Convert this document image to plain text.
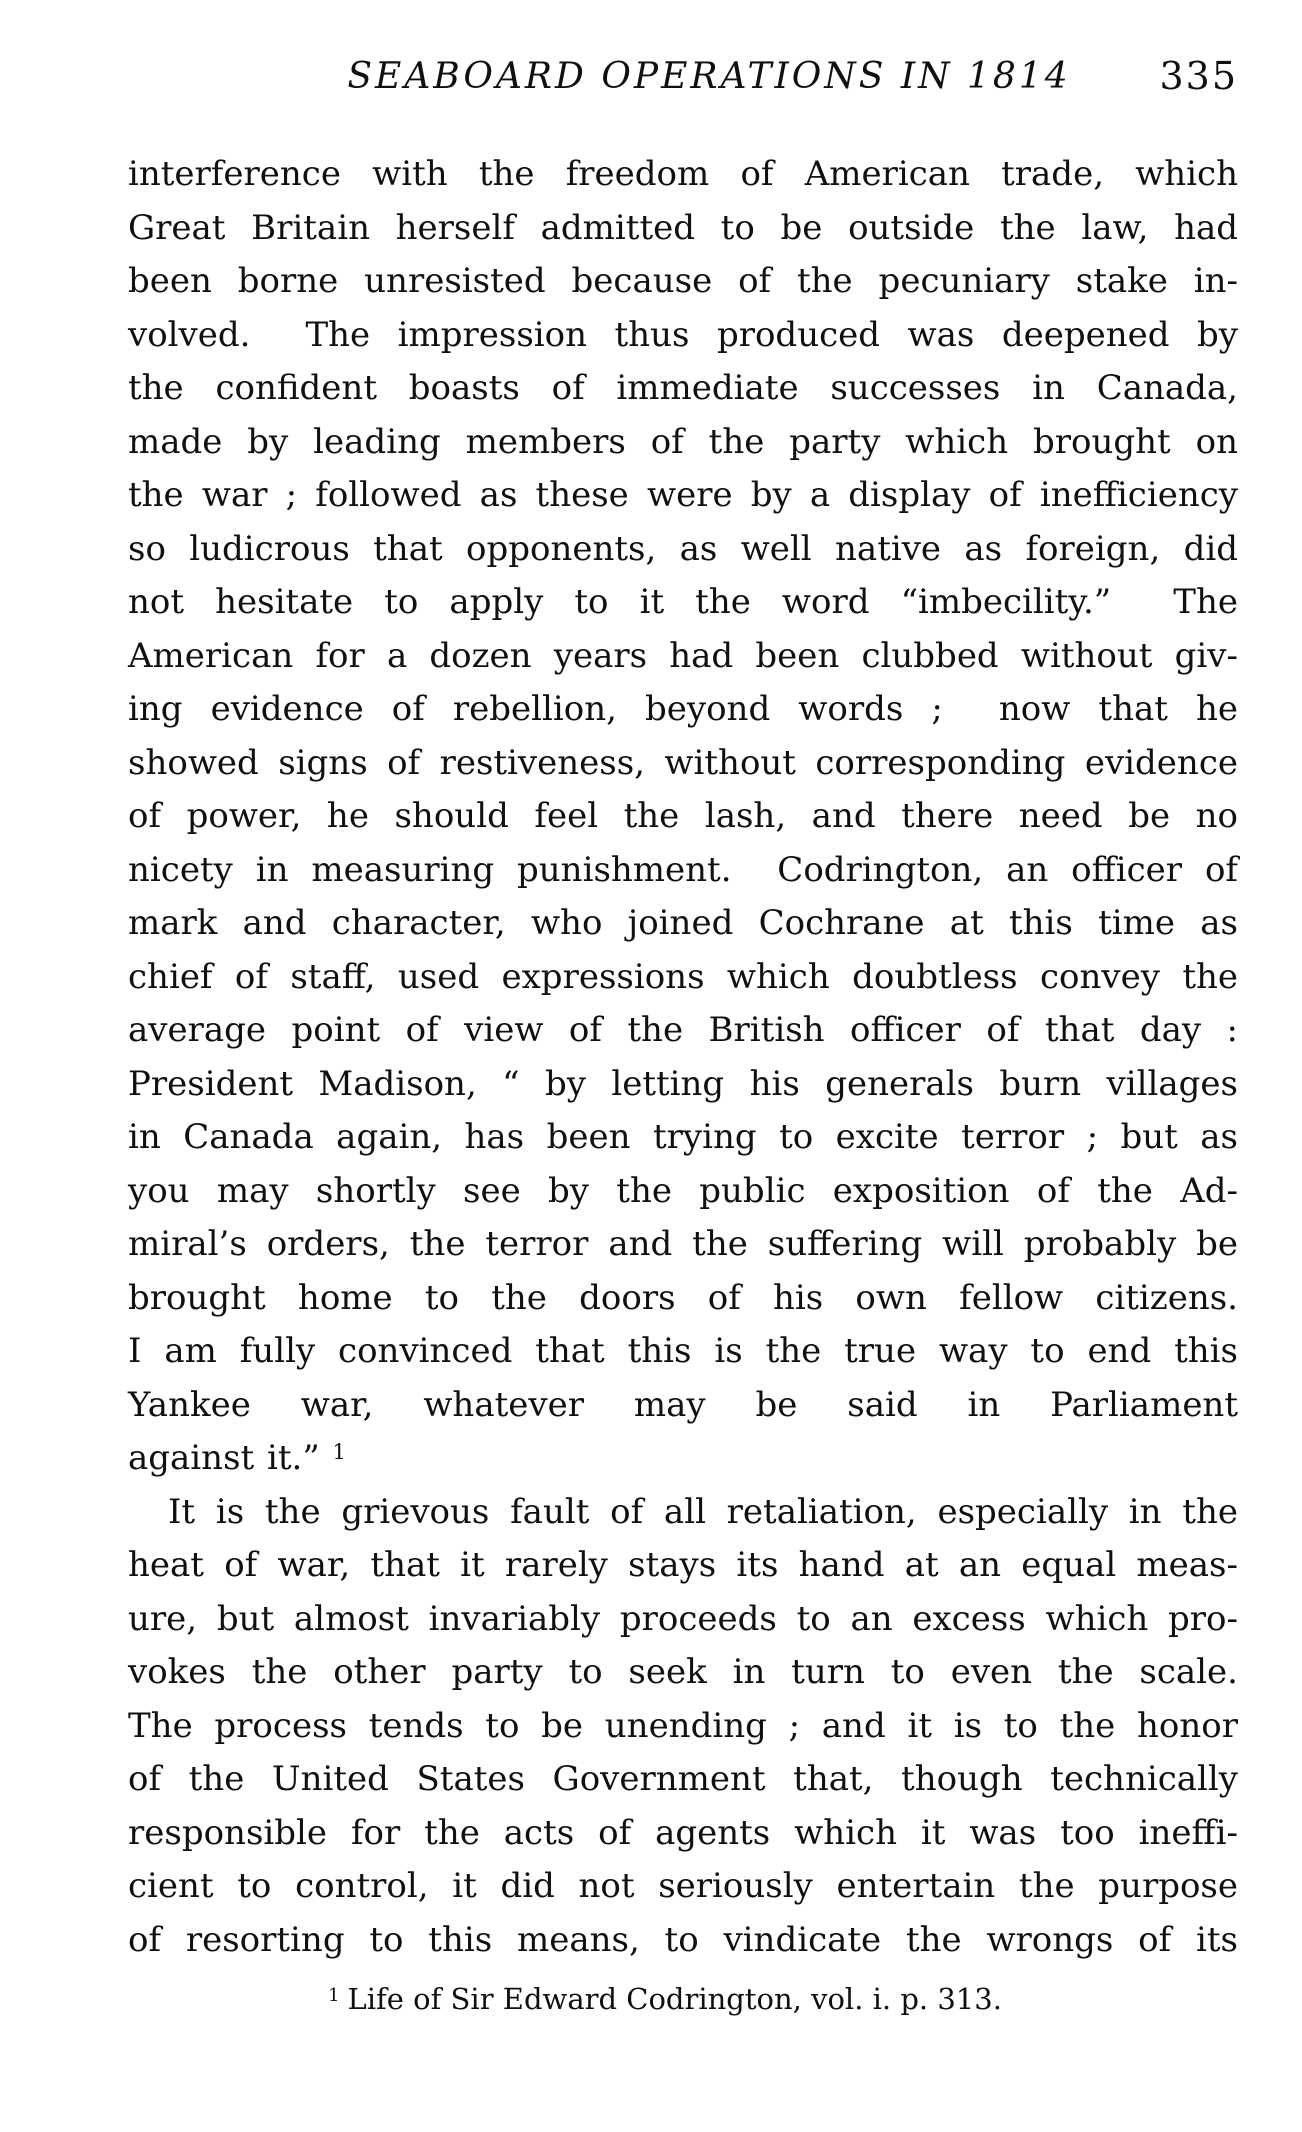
SEABOARD OPERATIONS IN 1814 335
interference with the freedom of American trade, which
Great Britain herself admitted to be outside the law, had
been borne unresisted because of the pecuniary stake in-
volved.  The impression thus produced was deepened by
the confident boasts of immediate successes in Canada,
made by leading members of the party which brought on
the war ; followed as these were by a display of inefficiency
so ludicrous that opponents, as well native as foreign, did
not hesitate to apply to it the word “imbecility.”  The
American for a dozen years had been clubbed without giv-
ing evidence of rebellion, beyond words ;  now that he
showed signs of restiveness, without corresponding evidence
of power, he should feel the lash, and there need be no
nicety in measuring punishment.  Codrington, an officer of
mark and character, who joined Cochrane at this time as
chief of staff, used expressions which doubtless convey the
average point of view of the British officer of that day :
President Madison, “ by letting his generals burn villages
in Canada again, has been trying to excite terror ; but as
you may shortly see by the public exposition of the Ad-
miral’s orders, the terror and the suffering will probably be
brought home to the doors of his own fellow citizens.
I am fully convinced that this is the true way to end this
Yankee war, whatever may be said in Parliament
against it.” $^1$
It is the grievous fault of all retaliation, especially in the
heat of war, that it rarely stays its hand at an equal meas-
ure, but almost invariably proceeds to an excess which pro-
vokes the other party to seek in turn to even the scale.
The process tends to be unending ; and it is to the honor
of the United States Government that, though technically
responsible for the acts of agents which it was too ineffi-
cient to control, it did not seriously entertain the purpose
of resorting to this means, to vindicate the wrongs of its
$^1$ Life of Sir Edward Codrington, vol. i. p. 313.
